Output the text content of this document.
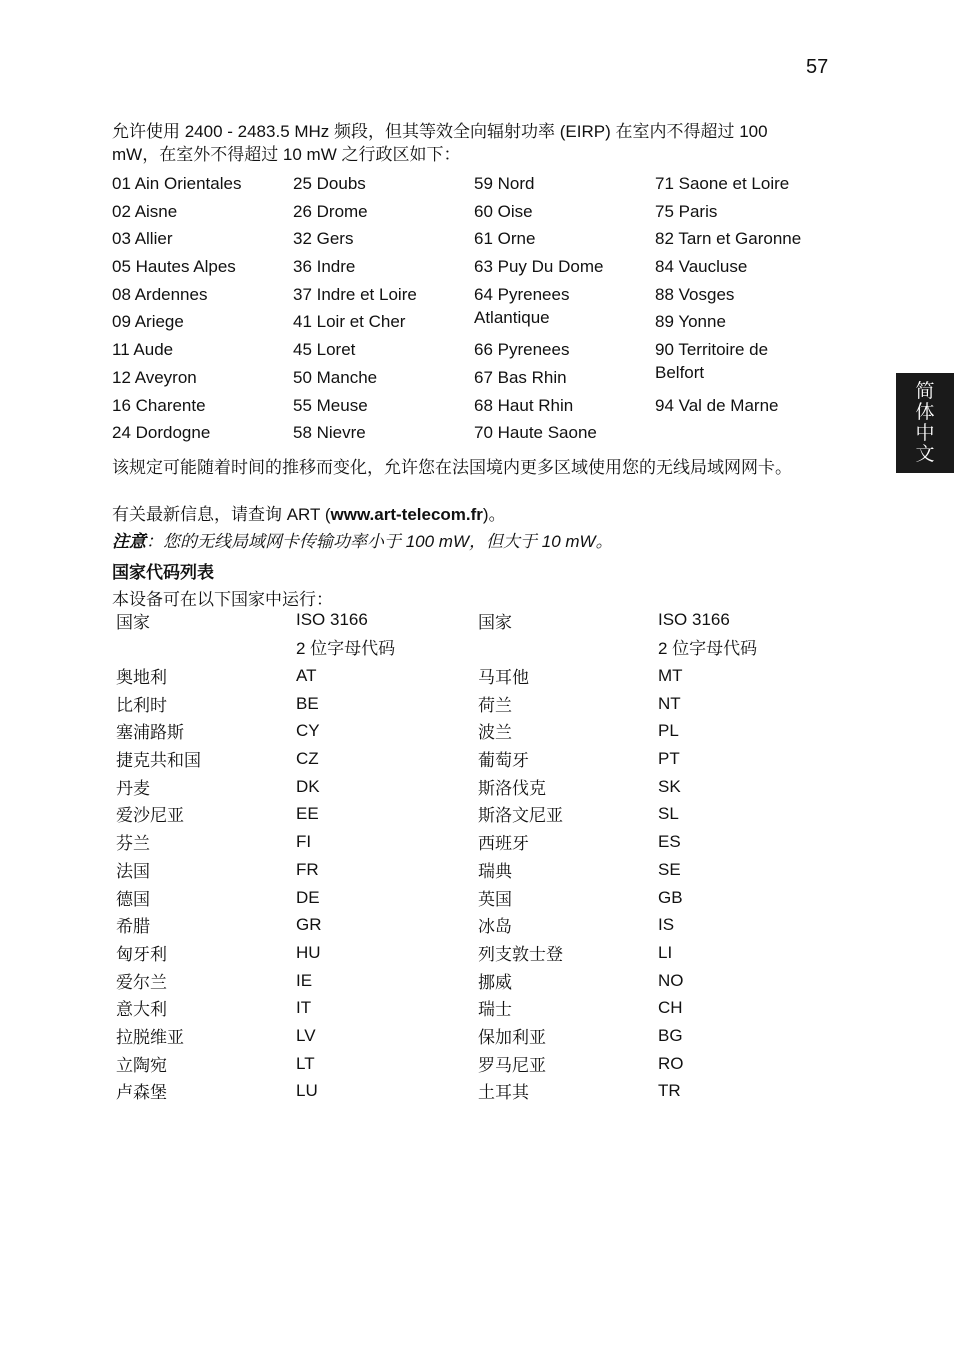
57
简
体
中
文

允许使用 2400 - 2483.5 MHz 频段，但其等效全向辐射功率 (EIRP) 在室内不得超过 100 mW，在室外不得超过 10 mW 之行政区如下：

01 Ain Orientales
02 Aisne
03 Allier
05 Hautes Alpes
08 Ardennes
09 Ariege
11 Aude
12 Aveyron
16 Charente
24 Dordogne
25 Doubs
26 Drome
32 Gers
36 Indre
37 Indre et Loire
41 Loir et Cher
45 Loret
50 Manche
55 Meuse
58 Nievre
59 Nord
60 Oise
61 Orne
63 Puy Du Dome
64 Pyrenees Atlantique
66 Pyrenees
67 Bas Rhin
68 Haut Rhin
70 Haute Saone
71 Saone et Loire
75 Paris
82 Tarn et Garonne
84 Vaucluse
88 Vosges
89 Yonne
90 Territoire de Belfort
94 Val de Marne

该规定可能随着时间的推移而变化，允许您在法国境内更多区域使用您的无线局域网网卡。

有关最新信息，请查询 ART (www.art-telecom.fr)。

注意：您的无线局域网卡传输功率小于 100 mW，但大于 10 mW。

国家代码列表

本设备可在以下国家中运行：

国家	ISO 3166
2 位字母代码
国家	ISO 3166
2 位字母代码
奥地利
比利时
塞浦路斯
捷克共和国
丹麦
爱沙尼亚
芬兰
法国
德国
希腊
匈牙利
爱尔兰
意大利
拉脱维亚
立陶宛
卢森堡
AT
BE
CY
CZ
DK
EE
FI
FR
DE
GR
HU
IE
IT
LV
LT
LU
马耳他
荷兰
波兰
葡萄牙
斯洛伐克
斯洛文尼亚
西班牙
瑞典
英国
冰岛
列支敦士登
挪威
瑞士
保加利亚
罗马尼亚
土耳其
MT
NT
PL
PT
SK
SL
ES
SE
GB
IS
LI
NO
CH
BG
RO
TR
